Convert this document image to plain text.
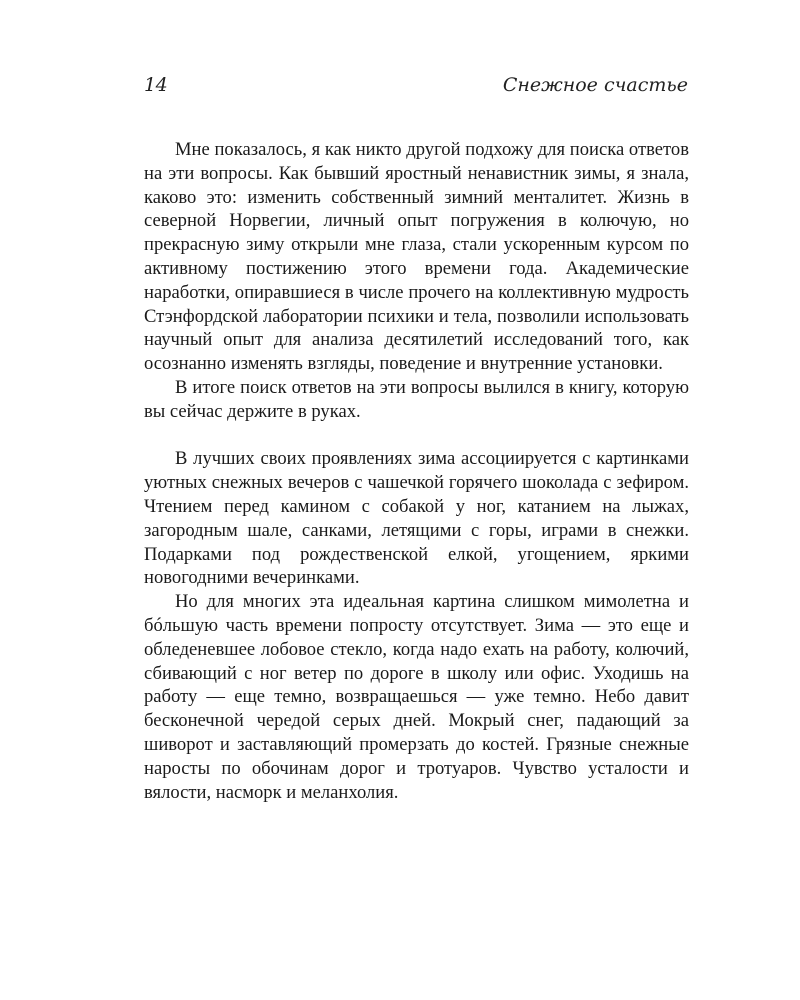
14	Снежное счастье

Мне показалось, я как никто другой подхожу для поиска ответов на эти вопросы. Как бывший яростный ненавистник зимы, я знала, каково это: изменить собственный зимний менталитет. Жизнь в северной Норвегии, личный опыт погружения в колючую, но прекрасную зиму открыли мне глаза, стали ускоренным курсом по активному постижению этого времени года. Академические наработки, опиравшиеся в числе прочего на коллективную мудрость Стэнфордской лаборатории психики и тела, позволили использовать научный опыт для анализа десятилетий исследований того, как осознанно изменять взгляды, поведение и внутренние установки.

В итоге поиск ответов на эти вопросы вылился в книгу, которую вы сейчас держите в руках.

В лучших своих проявлениях зима ассоциируется с картинками уютных снежных вечеров с чашечкой горячего шоколада с зефиром. Чтением перед камином с собакой у ног, катанием на лыжах, загородным шале, санками, летящими с горы, играми в снежки. Подарками под рождественской елкой, угощением, яркими новогодними вечеринками.

Но для многих эта идеальная картина слишком мимолетна и бóльшую часть времени попросту отсутствует. Зима — это еще и обледеневшее лобовое стекло, когда надо ехать на работу, колючий, сбивающий с ног ветер по дороге в школу или офис. Уходишь на работу — еще темно, возвращаешься — уже темно. Небо давит бесконечной чередой серых дней. Мокрый снег, падающий за шиворот и заставляющий промерзать до костей. Грязные снежные наросты по обочинам дорог и тротуаров. Чувство усталости и вялости, насморк и меланхолия.
